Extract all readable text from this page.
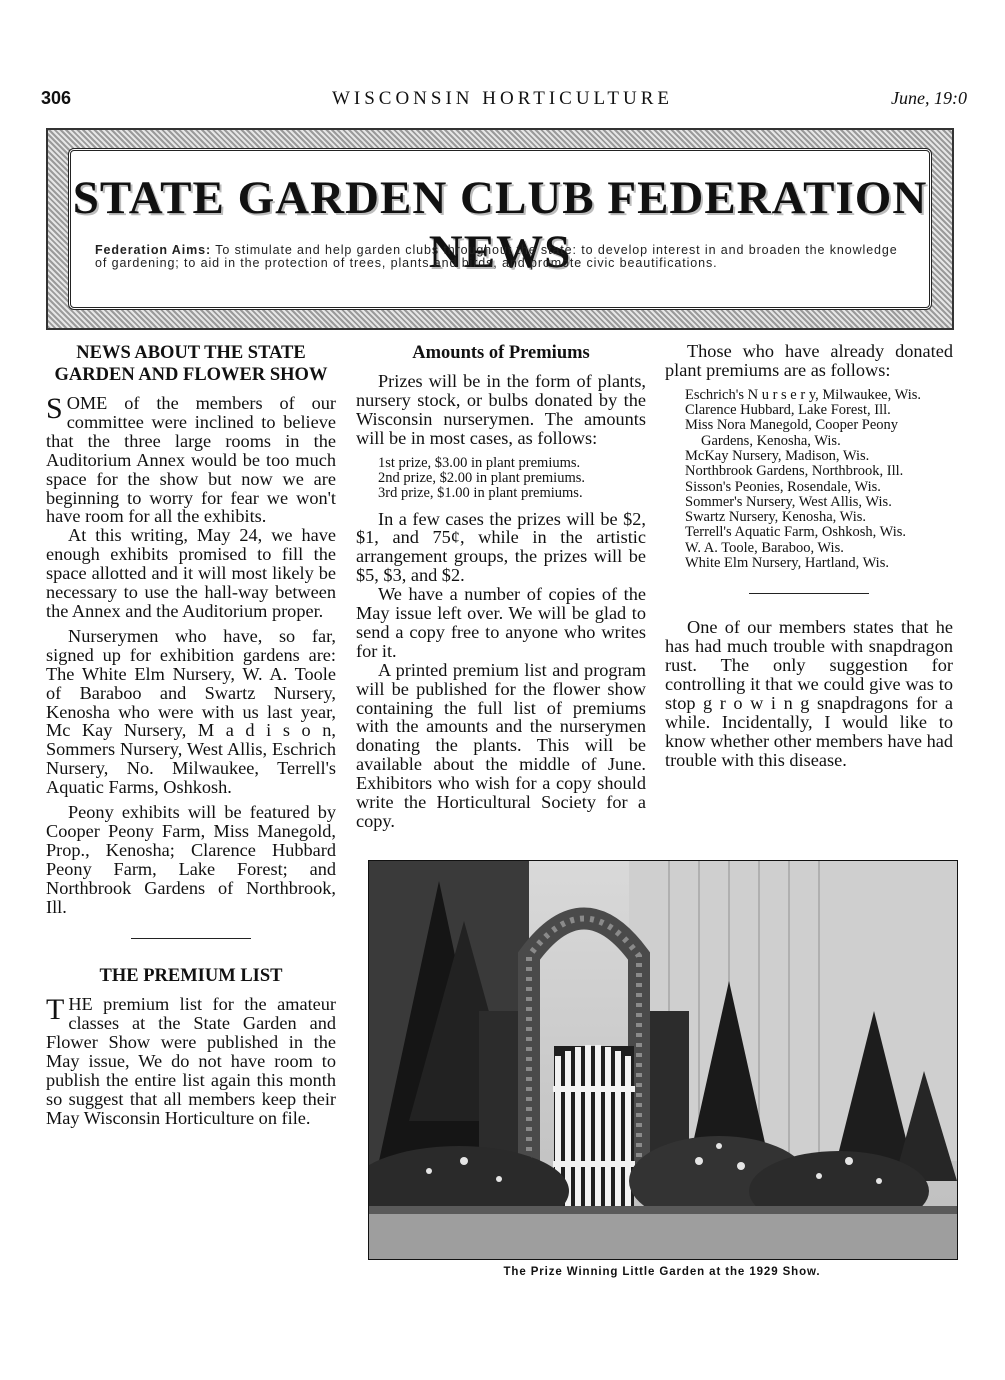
306	WISCONSIN HORTICULTURE	June, 19:0
STATE GARDEN CLUB FEDERATION NEWS
Federation Aims: To stimulate and help garden clubs throughout the state: to develop interest in and broaden the knowledge of gardening; to aid in the protection of trees, plants and birds, and promote civic beautifications.
NEWS ABOUT THE STATE GARDEN AND FLOWER SHOW

SOME of the members of our committee were inclined to believe that the three large rooms in the Auditorium Annex would be too much space for the show but now we are beginning to worry for fear we won't have room for all the exhibits.

At this writing, May 24, we have enough exhibits promised to fill the space allotted and it will most likely be necessary to use the hall-way between the Annex and the Auditorium proper.

Nurserymen who have, so far, signed up for exhibition gardens are: The White Elm Nursery, W. A. Toole of Baraboo and Swartz Nursery, Kenosha who were with us last year, Mc Kay Nursery, M a d i s o n, Sommers Nursery, West Allis, Eschrich Nursery, No. Milwaukee, Terrell's Aquatic Farms, Oshkosh.

Peony exhibits will be featured by Cooper Peony Farm, Miss Manegold, Prop., Kenosha; Clarence Hubbard Peony Farm, Lake Forest; and Northbrook Gardens of Northbrook, Ill.

THE PREMIUM LIST

THE premium list for the amateur classes at the State Garden and Flower Show were published in the May issue, We do not have room to publish the entire list again this month so suggest that all members keep their May Wisconsin Horticulture on file.

Amounts of Premiums

Prizes will be in the form of plants, nursery stock, or bulbs donated by the Wisconsin nurserymen. The amounts will be in most cases, as follows:

1st prize, $3.00 in plant premiums.
2nd prize, $2.00 in plant premiums.
3rd prize, $1.00 in plant premiums.

In a few cases the prizes will be $2, $1, and 75¢, while in the artistic arrangement groups, the prizes will be $5, $3, and $2.

We have a number of copies of the May issue left over. We will be glad to send a copy free to anyone who writes for it.

A printed premium list and program will be published for the flower show containing the full list of premiums with the amounts and the nurserymen donating the plants. This will be available about the middle of June. Exhibitors who wish for a copy should write the Horticultural Society for a copy.

Those who have already donated plant premiums are as follows:

Eschrich's N u r s e r y, Milwaukee, Wis.
Clarence Hubbard, Lake Forest, Ill.
Miss Nora Manegold, Cooper Peony Gardens, Kenosha, Wis.
McKay Nursery, Madison, Wis.
Northbrook Gardens, Northbrook, Ill.
Sisson's Peonies, Rosendale, Wis.
Sommer's Nursery, West Allis, Wis.
Swartz Nursery, Kenosha, Wis.
Terrell's Aquatic Farm, Oshkosh, Wis.
W. A. Toole, Baraboo, Wis.
White Elm Nursery, Hartland, Wis.

One of our members states that he has had much trouble with snapdragon rust. The only suggestion for controlling it that we could give was to stop g r o w i n g snapdragons for a while. Incidentally, I would like to know whether other members have had trouble with this disease.

The Prize Winning Little Garden at the 1929 Show.
